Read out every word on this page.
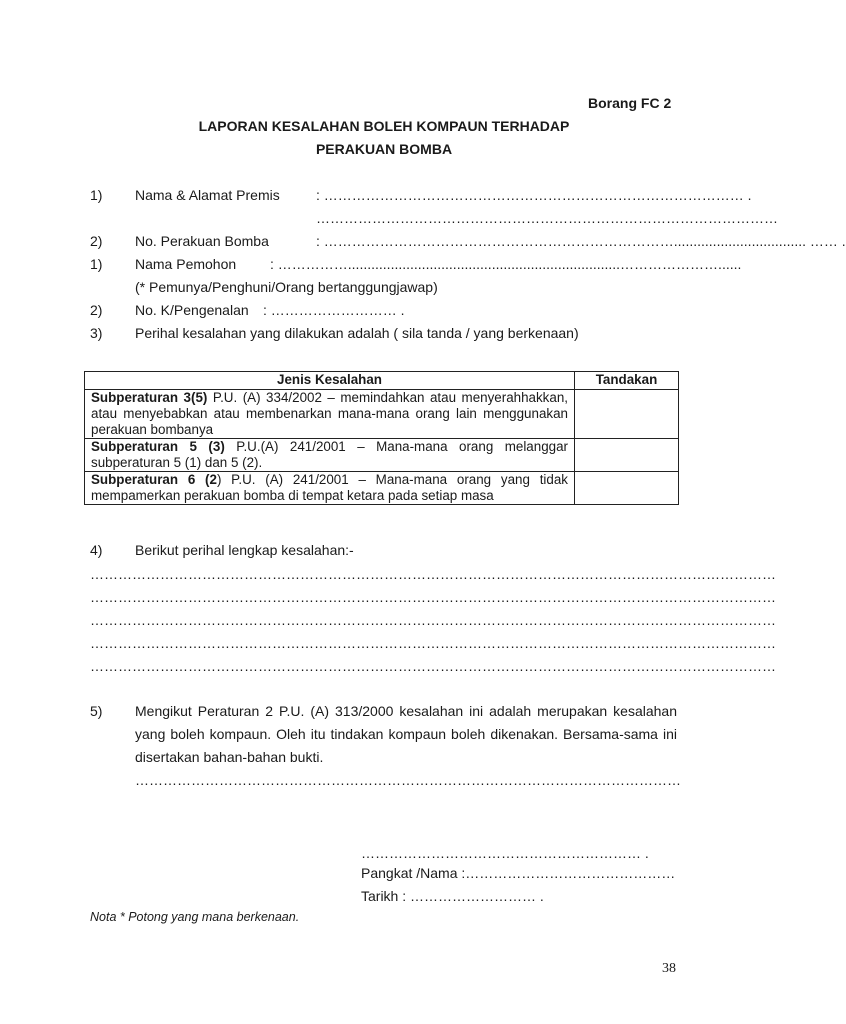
Borang FC 2
LAPORAN KESALAHAN BOLEH KOMPAUN TERHADAP
PERAKUAN BOMBA
1) Nama & Alamat Premis	: ……………………………………………………………………………… .
………………………………………………………………………………………
2) No. Perakuan Bomba	: ………………………………………………………………….................................. …… .
1) Nama Pemohon : ……………......................................................................…………………......
(* Pemunya/Penghuni/Orang bertanggungjawap)
2) No. K/Pengenalan : ……………………… .
3) Perihal kesalahan yang dilakukan adalah ( sila tanda / yang berkenaan)
Jenis Kesalahan	Tandakan
Subperaturan 3(5) P.U. (A) 334/2002 – memindahkan atau menyerahhakkan, atau menyebabkan atau membenarkan mana-mana orang lain menggunakan perakuan bombanya	
Subperaturan 5 (3) P.U.(A) 241/2001 – Mana-mana orang melanggar subperaturan 5 (1) dan 5 (2).	
Subperaturan 6 (2) P.U. (A) 241/2001 – Mana-mana orang yang tidak mempamerkan perakuan bomba di tempat ketara pada setiap masa	
4) Berikut perihal lengkap kesalahan:-
…………………………………………………………………………………………………………………………………
…………………………………………………………………………………………………………………………………
…………………………………………………………………………………………………………………………………
…………………………………………………………………………………………………………………………………
…………………………………………………………………………………………………………………………………
5) Mengikut Peraturan 2 P.U. (A) 313/2000 kesalahan ini adalah merupakan kesalahan yang boleh kompaun. Oleh itu tindakan kompaun boleh dikenakan. Bersama-sama ini disertakan bahan-bahan bukti.
………………………………………………………………………………………………………
…………………………………………………… .
Pangkat /Nama :………………………………………
Tarikh : ……………………… .
Nota * Potong yang mana berkenaan.
38
